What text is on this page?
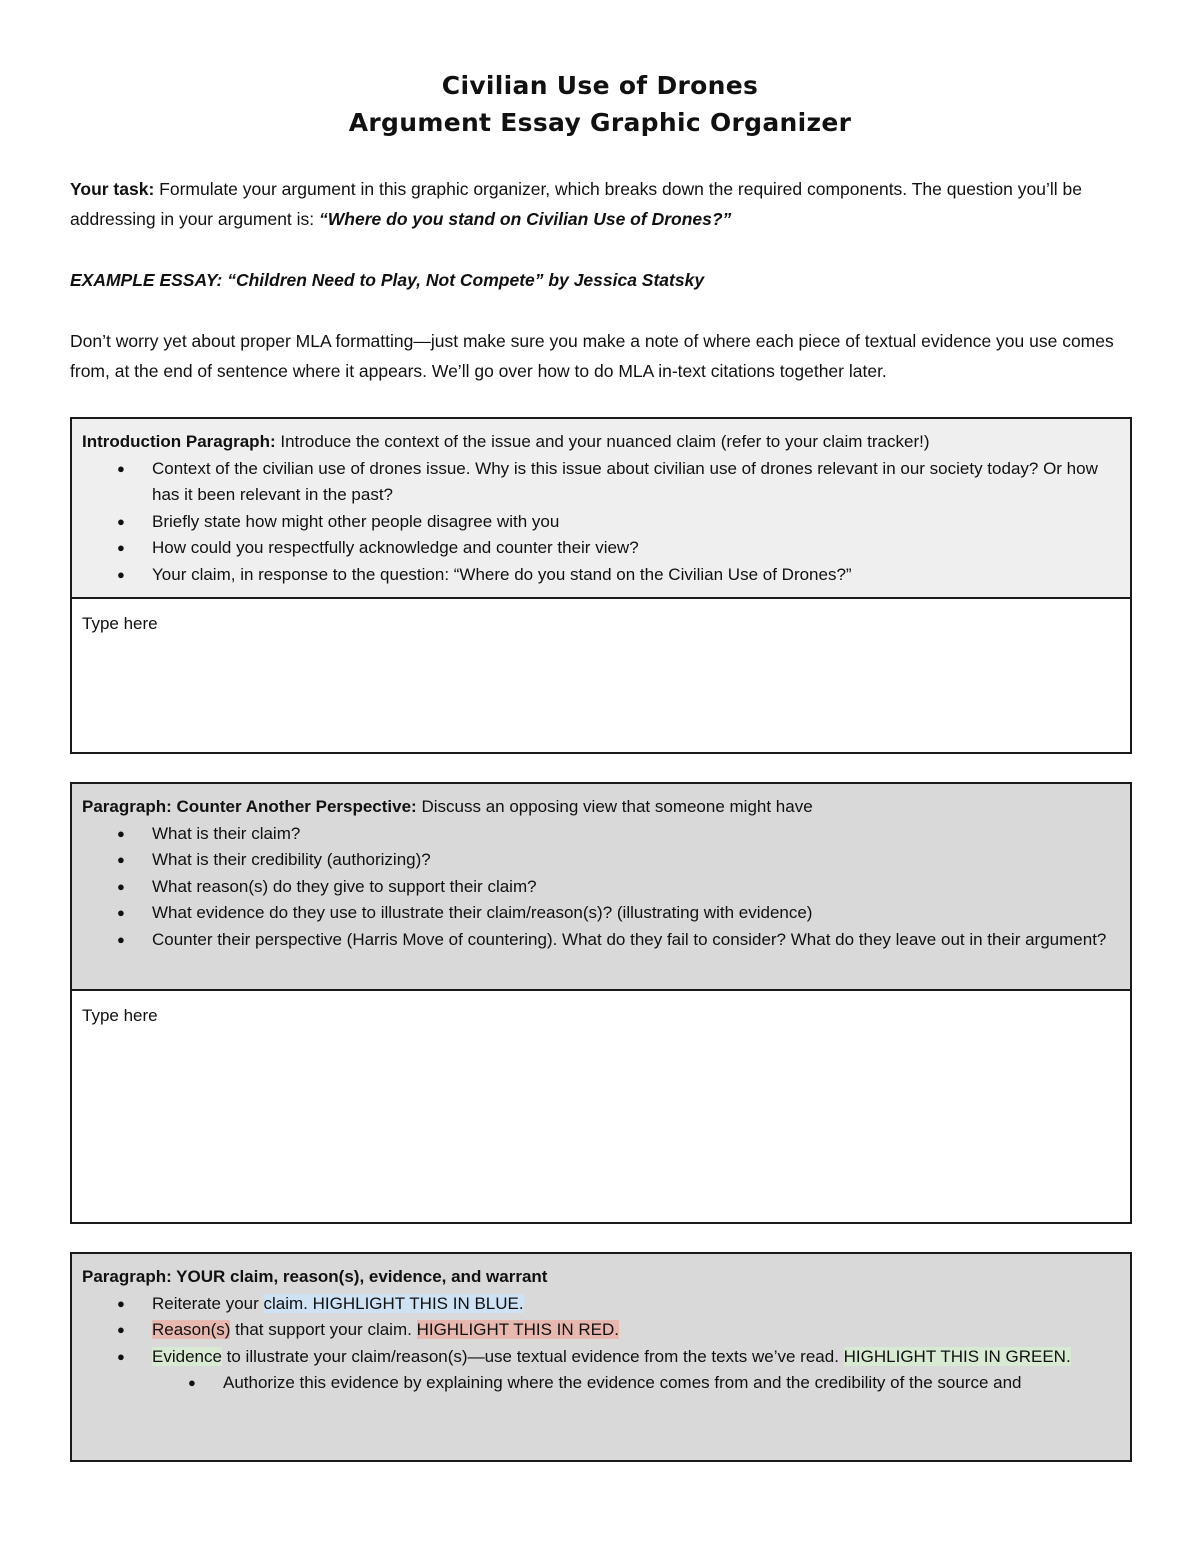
Civilian Use of Drones
Argument Essay Graphic Organizer
Your task: Formulate your argument in this graphic organizer, which breaks down the required components. The question you’ll be addressing in your argument is: “Where do you stand on Civilian Use of Drones?”
EXAMPLE ESSAY: “Children Need to Play, Not Compete” by Jessica Statsky
Don’t worry yet about proper MLA formatting—just make sure you make a note of where each piece of textual evidence you use comes from, at the end of sentence where it appears. We’ll go over how to do MLA in-text citations together later.
Introduction Paragraph: Introduce the context of the issue and your nuanced claim (refer to your claim tracker!)
● Context of the civilian use of drones issue. Why is this issue about civilian use of drones relevant in our society today? Or how has it been relevant in the past?
● Briefly state how might other people disagree with you
● How could you respectfully acknowledge and counter their view?
● Your claim, in response to the question: “Where do you stand on the Civilian Use of Drones?”
Type here
Paragraph: Counter Another Perspective: Discuss an opposing view that someone might have
● What is their claim?
● What is their credibility (authorizing)?
● What reason(s) do they give to support their claim?
● What evidence do they use to illustrate their claim/reason(s)? (illustrating with evidence)
● Counter their perspective (Harris Move of countering). What do they fail to consider? What do they leave out in their argument?
Type here
Paragraph: YOUR claim, reason(s), evidence, and warrant
● Reiterate your claim. HIGHLIGHT THIS IN BLUE.
● Reason(s) that support your claim. HIGHLIGHT THIS IN RED.
● Evidence to illustrate your claim/reason(s)—use textual evidence from the texts we’ve read. HIGHLIGHT THIS IN GREEN.
● Authorize this evidence by explaining where the evidence comes from and the credibility of the source and
